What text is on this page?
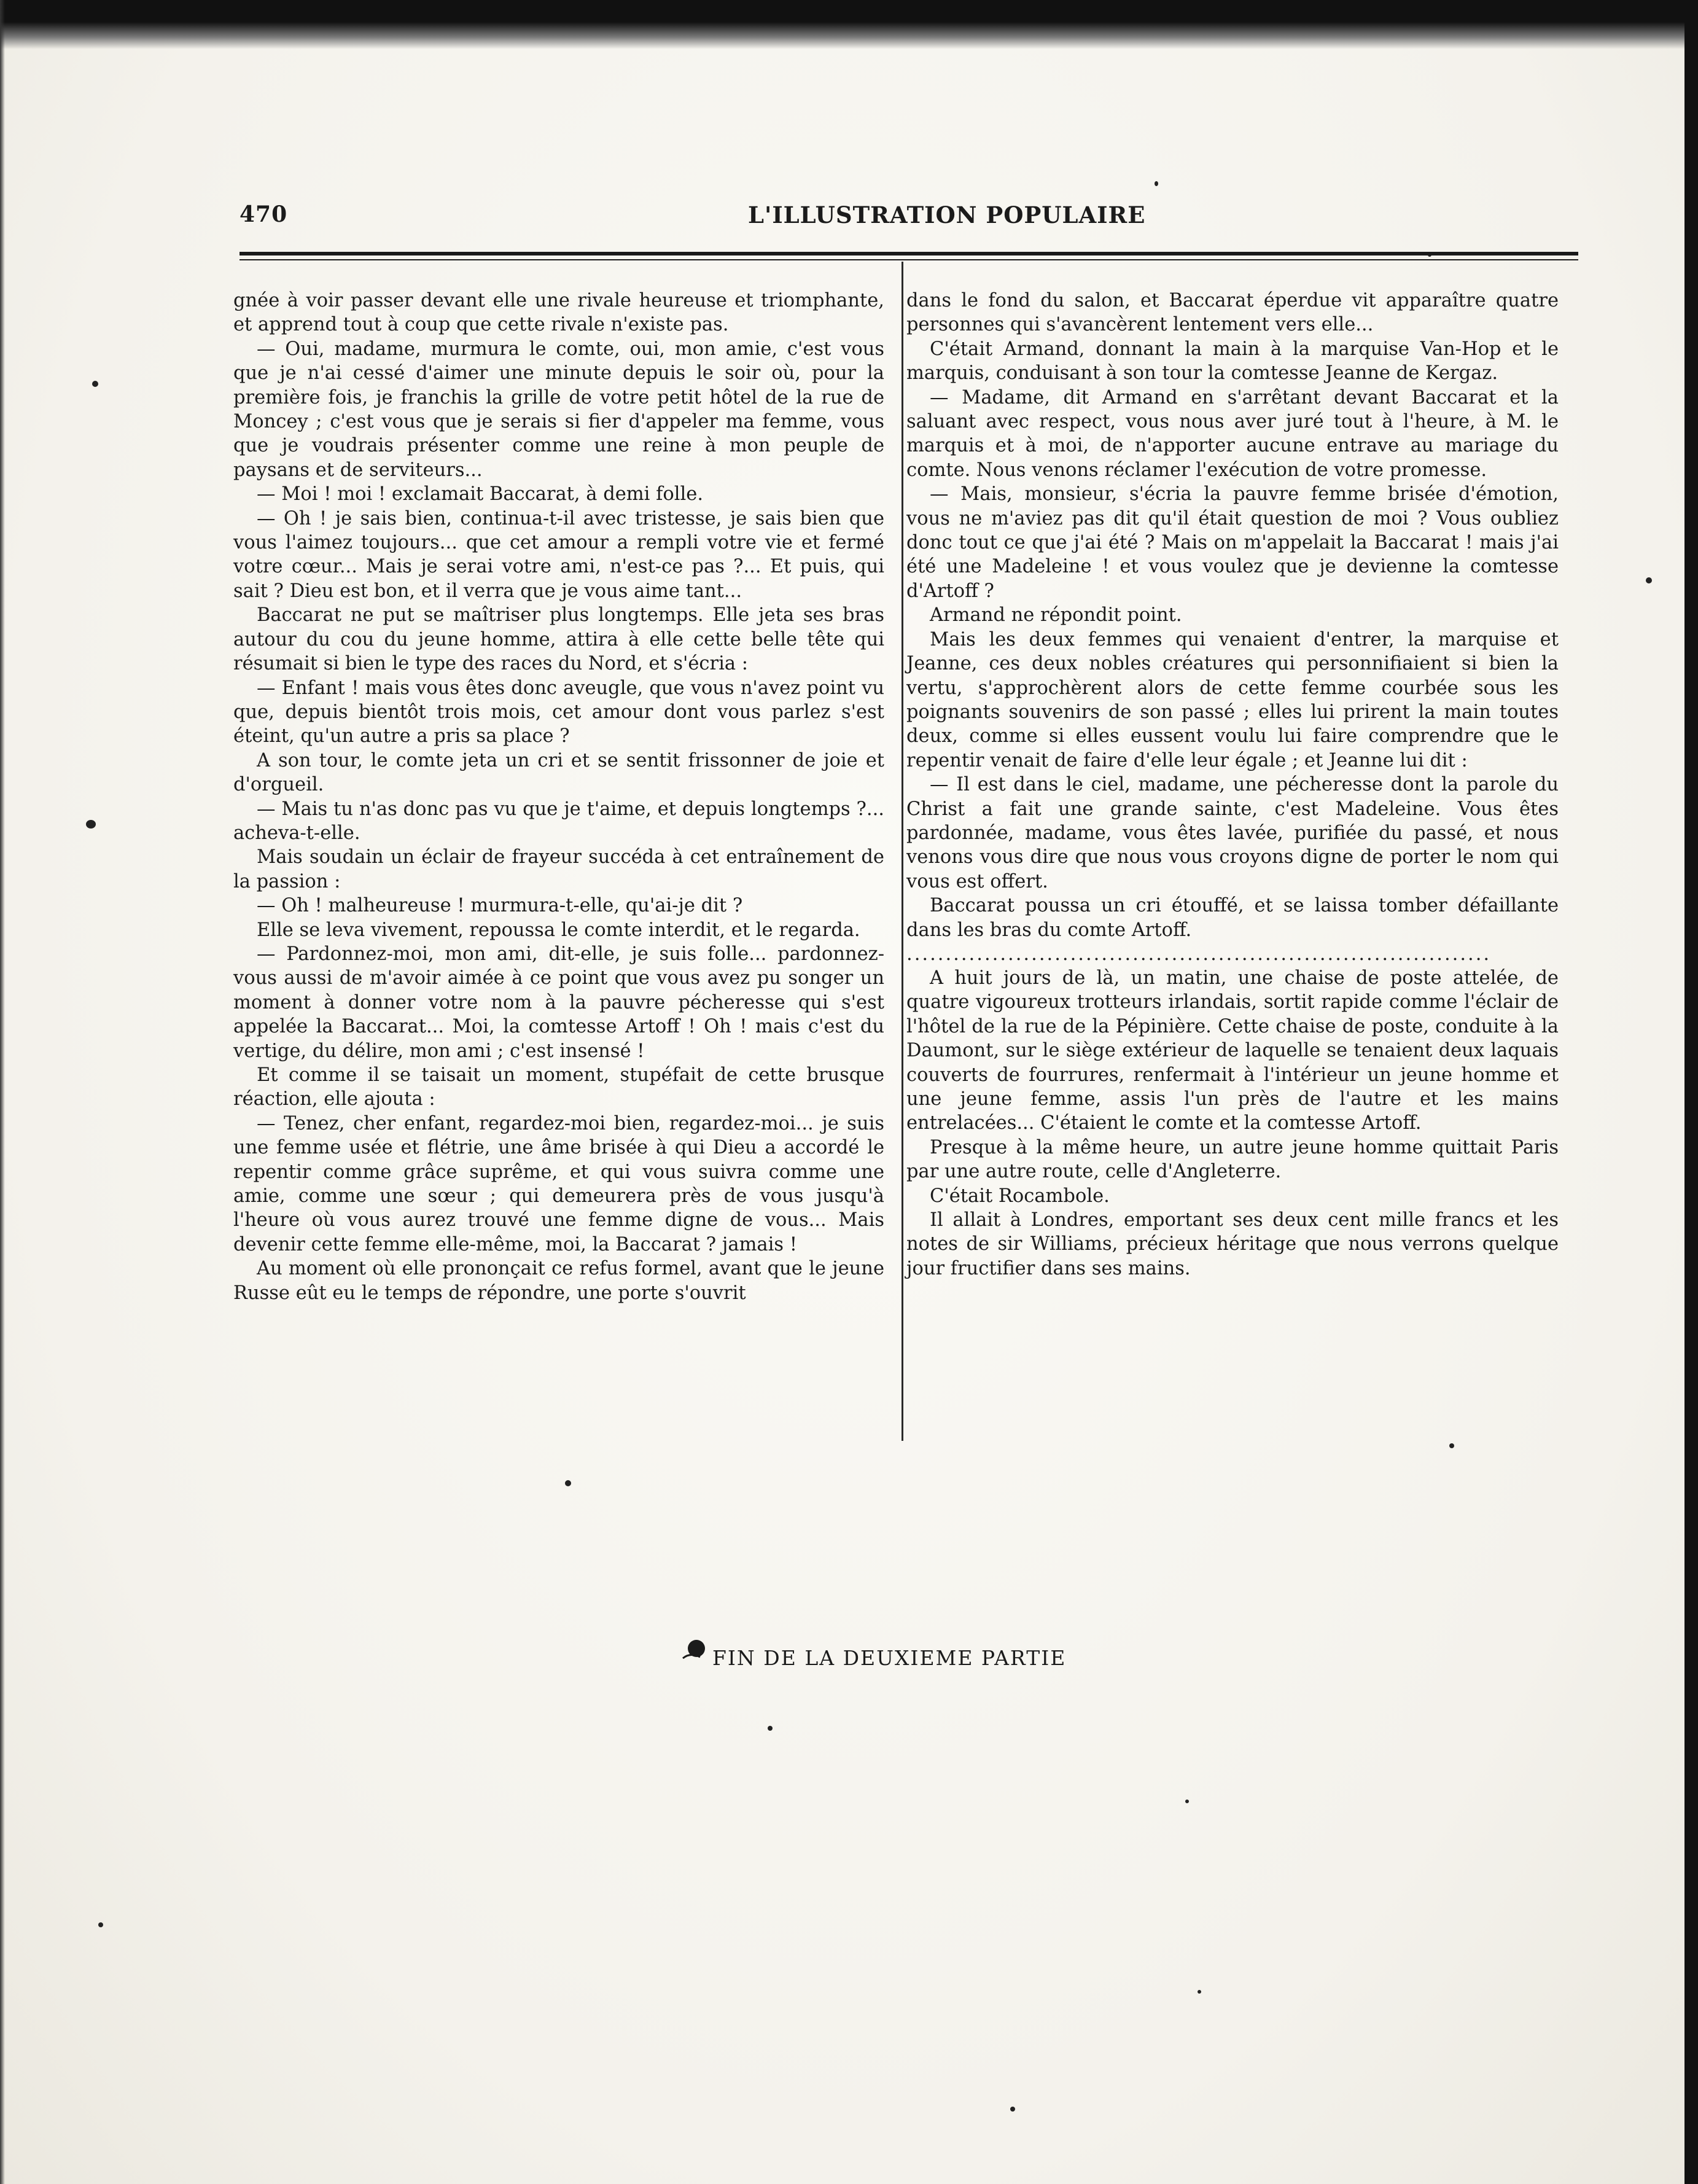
470	L'ILLUSTRATION POPULAIRE

gnée à voir passer devant elle une rivale heureuse et triomphante, et apprend tout à coup que cette rivale n'existe pas.

— Oui, madame, murmura le comte, oui, mon amie, c'est vous que je n'ai cessé d'aimer une minute depuis le soir où, pour la première fois, je franchis la grille de votre petit hôtel de la rue de Moncey ; c'est vous que je serais si fier d'appeler ma femme, vous que je voudrais présenter comme une reine à mon peuple de paysans et de serviteurs...

— Moi ! moi ! exclamait Baccarat, à demi folle.

— Oh ! je sais bien, continua-t-il avec tristesse, je sais bien que vous l'aimez toujours... que cet amour a rempli votre vie et fermé votre cœur... Mais je serai votre ami, n'est-ce pas ?... Et puis, qui sait ? Dieu est bon, et il verra que je vous aime tant...

Baccarat ne put se maîtriser plus longtemps. Elle jeta ses bras autour du cou du jeune homme, attira à elle cette belle tête qui résumait si bien le type des races du Nord, et s'écria :

— Enfant ! mais vous êtes donc aveugle, que vous n'avez point vu que, depuis bientôt trois mois, cet amour dont vous parlez s'est éteint, qu'un autre a pris sa place ?

A son tour, le comte jeta un cri et se sentit frissonner de joie et d'orgueil.

— Mais tu n'as donc pas vu que je t'aime, et depuis longtemps ?... acheva-t-elle.

Mais soudain un éclair de frayeur succéda à cet entraînement de la passion :

— Oh ! malheureuse ! murmura-t-elle, qu'ai-je dit ?

Elle se leva vivement, repoussa le comte interdit, et le regarda.

— Pardonnez-moi, mon ami, dit-elle, je suis folle... pardonnez-vous aussi de m'avoir aimée à ce point que vous avez pu songer un moment à donner votre nom à la pauvre pécheresse qui s'est appelée la Baccarat... Moi, la comtesse Artoff ! Oh ! mais c'est du vertige, du délire, mon ami ; c'est insensé !

Et comme il se taisait un moment, stupéfait de cette brusque réaction, elle ajouta :

— Tenez, cher enfant, regardez-moi bien, regardez-moi... je suis une femme usée et flétrie, une âme brisée à qui Dieu a accordé le repentir comme grâce suprême, et qui vous suivra comme une amie, comme une sœur ; qui demeurera près de vous jusqu'à l'heure où vous aurez trouvé une femme digne de vous... Mais devenir cette femme elle-même, moi, la Baccarat ? jamais !

Au moment où elle prononçait ce refus formel, avant que le jeune Russe eût eu le temps de répondre, une porte s'ouvrit

dans le fond du salon, et Baccarat éperdue vit apparaître quatre personnes qui s'avancèrent lentement vers elle...

C'était Armand, donnant la main à la marquise Van-Hop et le marquis, conduisant à son tour la comtesse Jeanne de Kergaz.

— Madame, dit Armand en s'arrêtant devant Baccarat et la saluant avec respect, vous nous aver juré tout à l'heure, à M. le marquis et à moi, de n'apporter aucune entrave au mariage du comte. Nous venons réclamer l'exécution de votre promesse.

— Mais, monsieur, s'écria la pauvre femme brisée d'émotion, vous ne m'aviez pas dit qu'il était question de moi ? Vous oubliez donc tout ce que j'ai été ? Mais on m'appelait la Baccarat ! mais j'ai été une Madeleine ! et vous voulez que je devienne la comtesse d'Artoff ?

Armand ne répondit point.

Mais les deux femmes qui venaient d'entrer, la marquise et Jeanne, ces deux nobles créatures qui personnifiaient si bien la vertu, s'approchèrent alors de cette femme courbée sous les poignants souvenirs de son passé ; elles lui prirent la main toutes deux, comme si elles eussent voulu lui faire comprendre que le repentir venait de faire d'elle leur égale ; et Jeanne lui dit :

— Il est dans le ciel, madame, une pécheresse dont la parole du Christ a fait une grande sainte, c'est Madeleine. Vous êtes pardonnée, madame, vous êtes lavée, purifiée du passé, et nous venons vous dire que nous vous croyons digne de porter le nom qui vous est offert.

Baccarat poussa un cri étouffé, et se laissa tomber défaillante dans les bras du comte Artoff.

...........................................................................

A huit jours de là, un matin, une chaise de poste attelée, de quatre vigoureux trotteurs irlandais, sortit rapide comme l'éclair de l'hôtel de la rue de la Pépinière. Cette chaise de poste, conduite à la Daumont, sur le siège extérieur de laquelle se tenaient deux laquais couverts de fourrures, renfermait à l'intérieur un jeune homme et une jeune femme, assis l'un près de l'autre et les mains entrelacées... C'étaient le comte et la comtesse Artoff.

Presque à la même heure, un autre jeune homme quittait Paris par une autre route, celle d'Angleterre.

C'était Rocambole.

Il allait à Londres, emportant ses deux cent mille francs et les notes de sir Williams, précieux héritage que nous verrons quelque jour fructifier dans ses mains.

FIN DE LA DEUXIEME PARTIE
